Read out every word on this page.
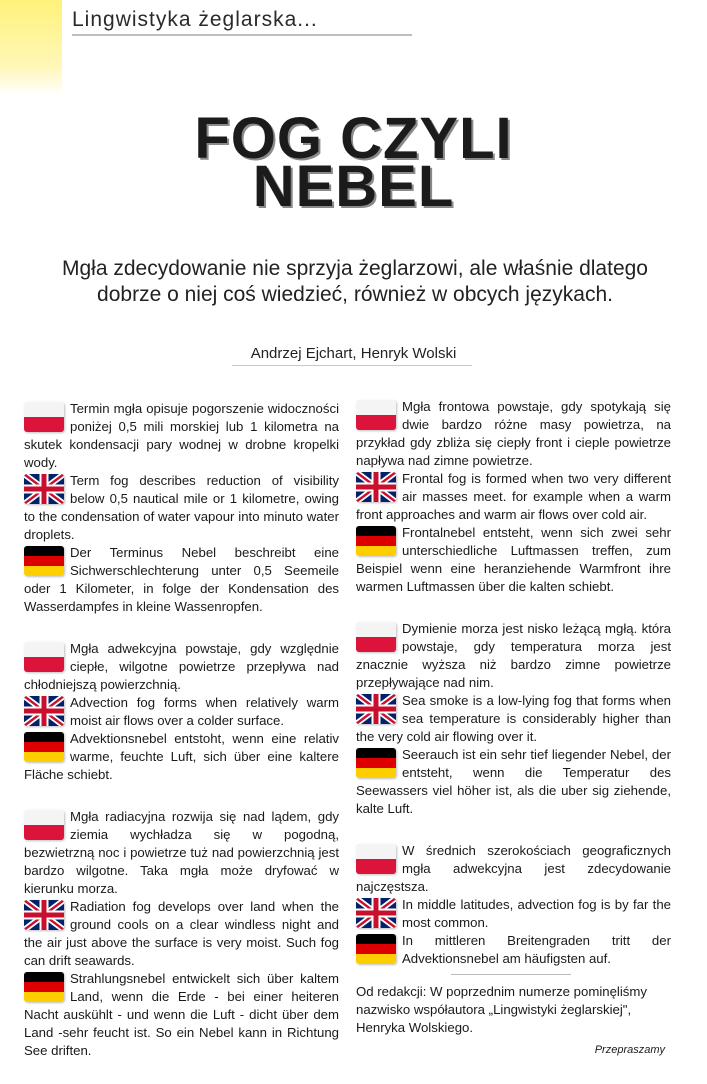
Lingwistyka żeglarska...
FOG CZYLI
NEBEL
Mgła zdecydowanie nie sprzyja żeglarzowi, ale właśnie dlatego dobrze o niej coś wiedzieć, również w obcych językach.
Andrzej Ejchart, Henryk Wolski
Termin mgła opisuje pogorszenie widoczności poniżej 0,5 mili morskiej lub 1 kilometra na skutek kondensacji pary wodnej w drobne kropelki wody.
Term fog describes reduction of visibility below 0,5 nautical mile or 1 kilometre, owing to the condensation of water vapour into minuto water droplets.
Der Terminus Nebel beschreibt eine Sichwerschlechterung unter 0,5 Seemeile oder 1 Kilometer, in folge der Kondensation des Wasserdampfes in kleine Wassenropfen.
Mgła adwekcyjna powstaje, gdy względnie ciepłe, wilgotne powietrze przepływa nad chłodniejszą powierzchnią.
Advection fog forms when relatively warm moist air flows over a colder surface.
Advektionsnebel entstoht, wenn eine relativ warme, feuchte Luft, sich über eine kaltere Fläche schiebt.
Mgła radiacyjna rozwija się nad lądem, gdy ziemia wychładza się w pogodną, bezwietrzną noc i powietrze tuż nad powierzchnią jest bardzo wilgotne. Taka mgła może dryfować w kierunku morza.
Radiation fog develops over land when the ground cools on a clear windless night and the air just above the surface is very moist. Such fog can drift seawards.
Strahlungsnebel entwickelt sich über kaltem Land, wenn die Erde - bei einer heiteren Nacht auskühlt - und wenn die Luft - dicht über dem Land -sehr feucht ist. So ein Nebel kann in Richtung See driften.
Mgła frontowa powstaje, gdy spotykają się dwie bardzo różne masy powietrza, na przykład gdy zbliża się ciepły front i cieple powietrze napływa nad zimne powietrze.
Frontal fog is formed when two very different air masses meet. for example when a warm front approaches and warm air flows over cold air.
Frontalnebel entsteht, wenn sich zwei sehr unterschiedliche Luftmassen treffen, zum Beispiel wenn eine heranziehende Warmfront ihre warmen Luftmassen über die kalten schiebt.
Dymienie morza jest nisko leżącą mgłą. która powstaje, gdy temperatura morza jest znacznie wyższa niż bardzo zimne powietrze przepływające nad nim.
Sea smoke is a low-lying fog that forms when sea temperature is considerably higher than the very cold air flowing over it.
Seerauch ist ein sehr tief liegender Nebel, der entsteht, wenn die Temperatur des Seewassers viel höher ist, als die uber sig ziehende, kalte Luft.
W średnich szerokościach geograficznych mgła adwekcyjna jest zdecydowanie najczęstsza.
In middle latitudes, advection fog is by far the most common.
In mittleren Breitengraden tritt der Advektionsnebel am häufigsten auf.
Od redakcji: W poprzednim numerze pominęliśmy nazwisko współautora „Lingwistyki żeglarskiej", Henryka Wolskiego.
Przepraszamy
